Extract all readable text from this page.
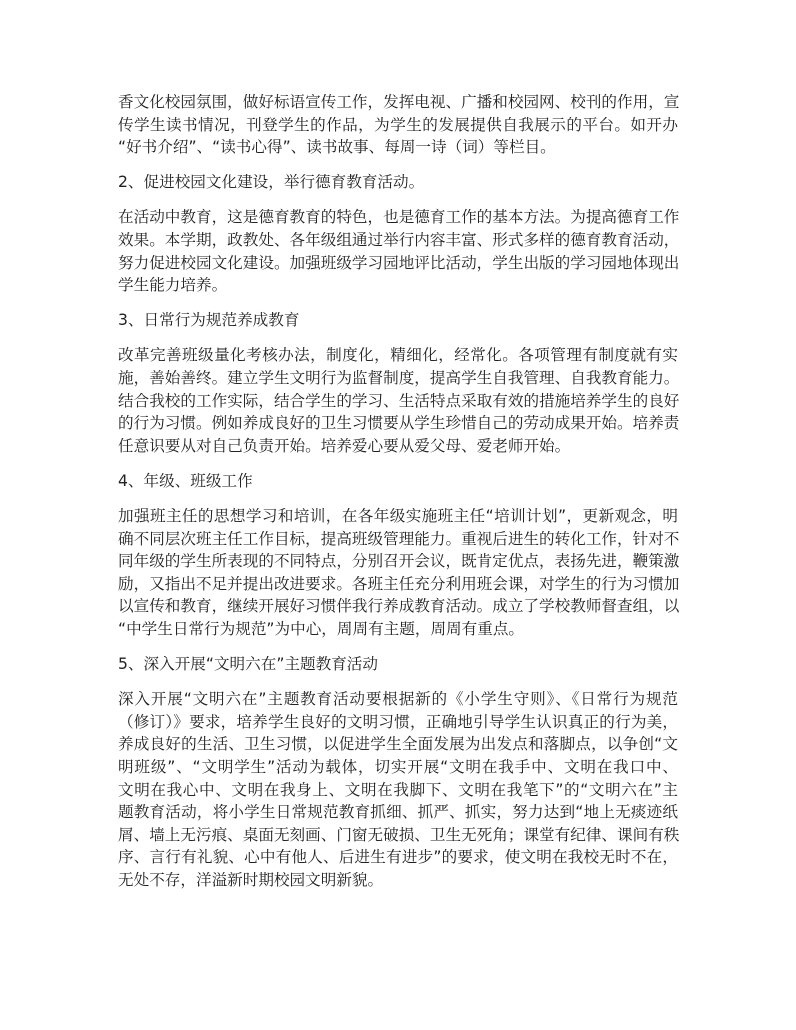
香文化校园氛围，做好标语宣传工作，发挥电视、广播和校园网、校刊的作用，宣
传学生读书情况，刊登学生的作品，为学生的发展提供自我展示的平台。如开办
“好书介绍”、“读书心得”、读书故事、每周一诗（词）等栏目。
2、促进校园文化建设，举行德育教育活动。
在活动中教育，这是德育教育的特色，也是德育工作的基本方法。为提高德育工作
效果。本学期，政教处、各年级组通过举行内容丰富、形式多样的德育教育活动，
努力促进校园文化建设。加强班级学习园地评比活动，学生出版的学习园地体现出
学生能力培养。
3、日常行为规范养成教育
改革完善班级量化考核办法，制度化，精细化，经常化。各项管理有制度就有实
施，善始善终。建立学生文明行为监督制度，提高学生自我管理、自我教育能力。
结合我校的工作实际，结合学生的学习、生活特点采取有效的措施培养学生的良好
的行为习惯。例如养成良好的卫生习惯要从学生珍惜自己的劳动成果开始。培养责
任意识要从对自己负责开始。培养爱心要从爱父母、爱老师开始。
4、年级、班级工作
加强班主任的思想学习和培训，在各年级实施班主任“培训计划”，更新观念，明
确不同层次班主任工作目标，提高班级管理能力。重视后进生的转化工作，针对不
同年级的学生所表现的不同特点，分别召开会议，既肯定优点，表扬先进，鞭策激
励，又指出不足并提出改进要求。各班主任充分利用班会课，对学生的行为习惯加
以宣传和教育，继续开展好习惯伴我行养成教育活动。成立了学校教师督查组，以
“中学生日常行为规范”为中心，周周有主题，周周有重点。
5、深入开展“文明六在”主题教育活动
深入开展“文明六在”主题教育活动要根据新的《小学生守则》、《日常行为规范
（修订）》要求，培养学生良好的文明习惯，正确地引导学生认识真正的行为美，
养成良好的生活、卫生习惯，以促进学生全面发展为出发点和落脚点，以争创“文
明班级”、“文明学生”活动为载体，切实开展“文明在我手中、文明在我口中、
文明在我心中、文明在我身上、文明在我脚下、文明在我笔下”的“文明六在”主
题教育活动，将小学生日常规范教育抓细、抓严、抓实，努力达到“地上无痰迹纸
屑、墙上无污痕、桌面无刻画、门窗无破损、卫生无死角；课堂有纪律、课间有秩
序、言行有礼貌、心中有他人、后进生有进步”的要求，使文明在我校无时不在，
无处不存，洋溢新时期校园文明新貌。
